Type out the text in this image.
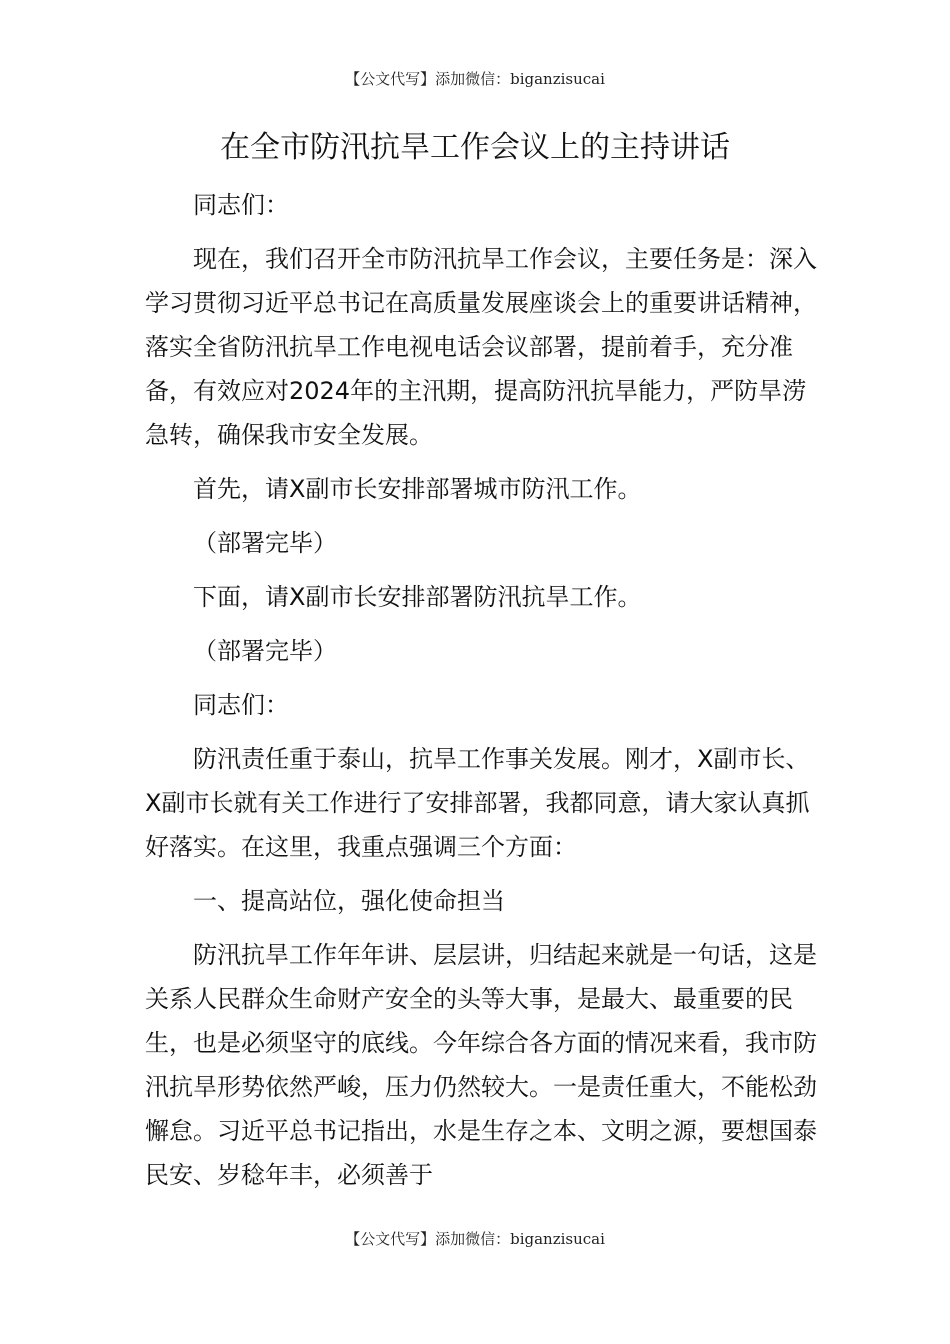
【公文代写】添加微信：biganzisucai
在全市防汛抗旱工作会议上的主持讲话

同志们：

现在，我们召开全市防汛抗旱工作会议，主要任务是：深入学习贯彻习近平总书记在高质量发展座谈会上的重要讲话精神，落实全省防汛抗旱工作电视电话会议部署，提前着手，充分准备，有效应对2024年的主汛期，提高防汛抗旱能力，严防旱涝急转，确保我市安全发展。

首先，请X副市长安排部署城市防汛工作。

（部署完毕）

下面，请X副市长安排部署防汛抗旱工作。

（部署完毕）

同志们：

防汛责任重于泰山，抗旱工作事关发展。刚才，X副市长、X副市长就有关工作进行了安排部署，我都同意，请大家认真抓好落实。在这里，我重点强调三个方面：

一、提高站位，强化使命担当

防汛抗旱工作年年讲、层层讲，归结起来就是一句话，这是关系人民群众生命财产安全的头等大事，是最大、最重要的民生，也是必须坚守的底线。今年综合各方面的情况来看，我市防汛抗旱形势依然严峻，压力仍然较大。一是责任重大，不能松劲懈怠。习近平总书记指出，水是生存之本、文明之源，要想国泰民安、岁稔年丰，必须善于

【公文代写】添加微信：biganzisucai
